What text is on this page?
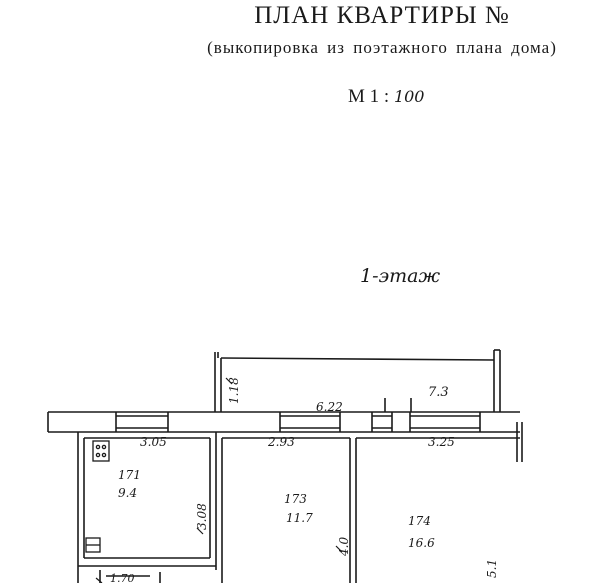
ПЛАН КВАРТИРЫ №
(выкопировка из поэтажного плана дома)
М 1 : 100
1-этаж
6.22
7.3
1.18
3.05	2.93	3.25
3.08
4.0
5.1
1.70
171
9.4	173
11.7	174
16.6
